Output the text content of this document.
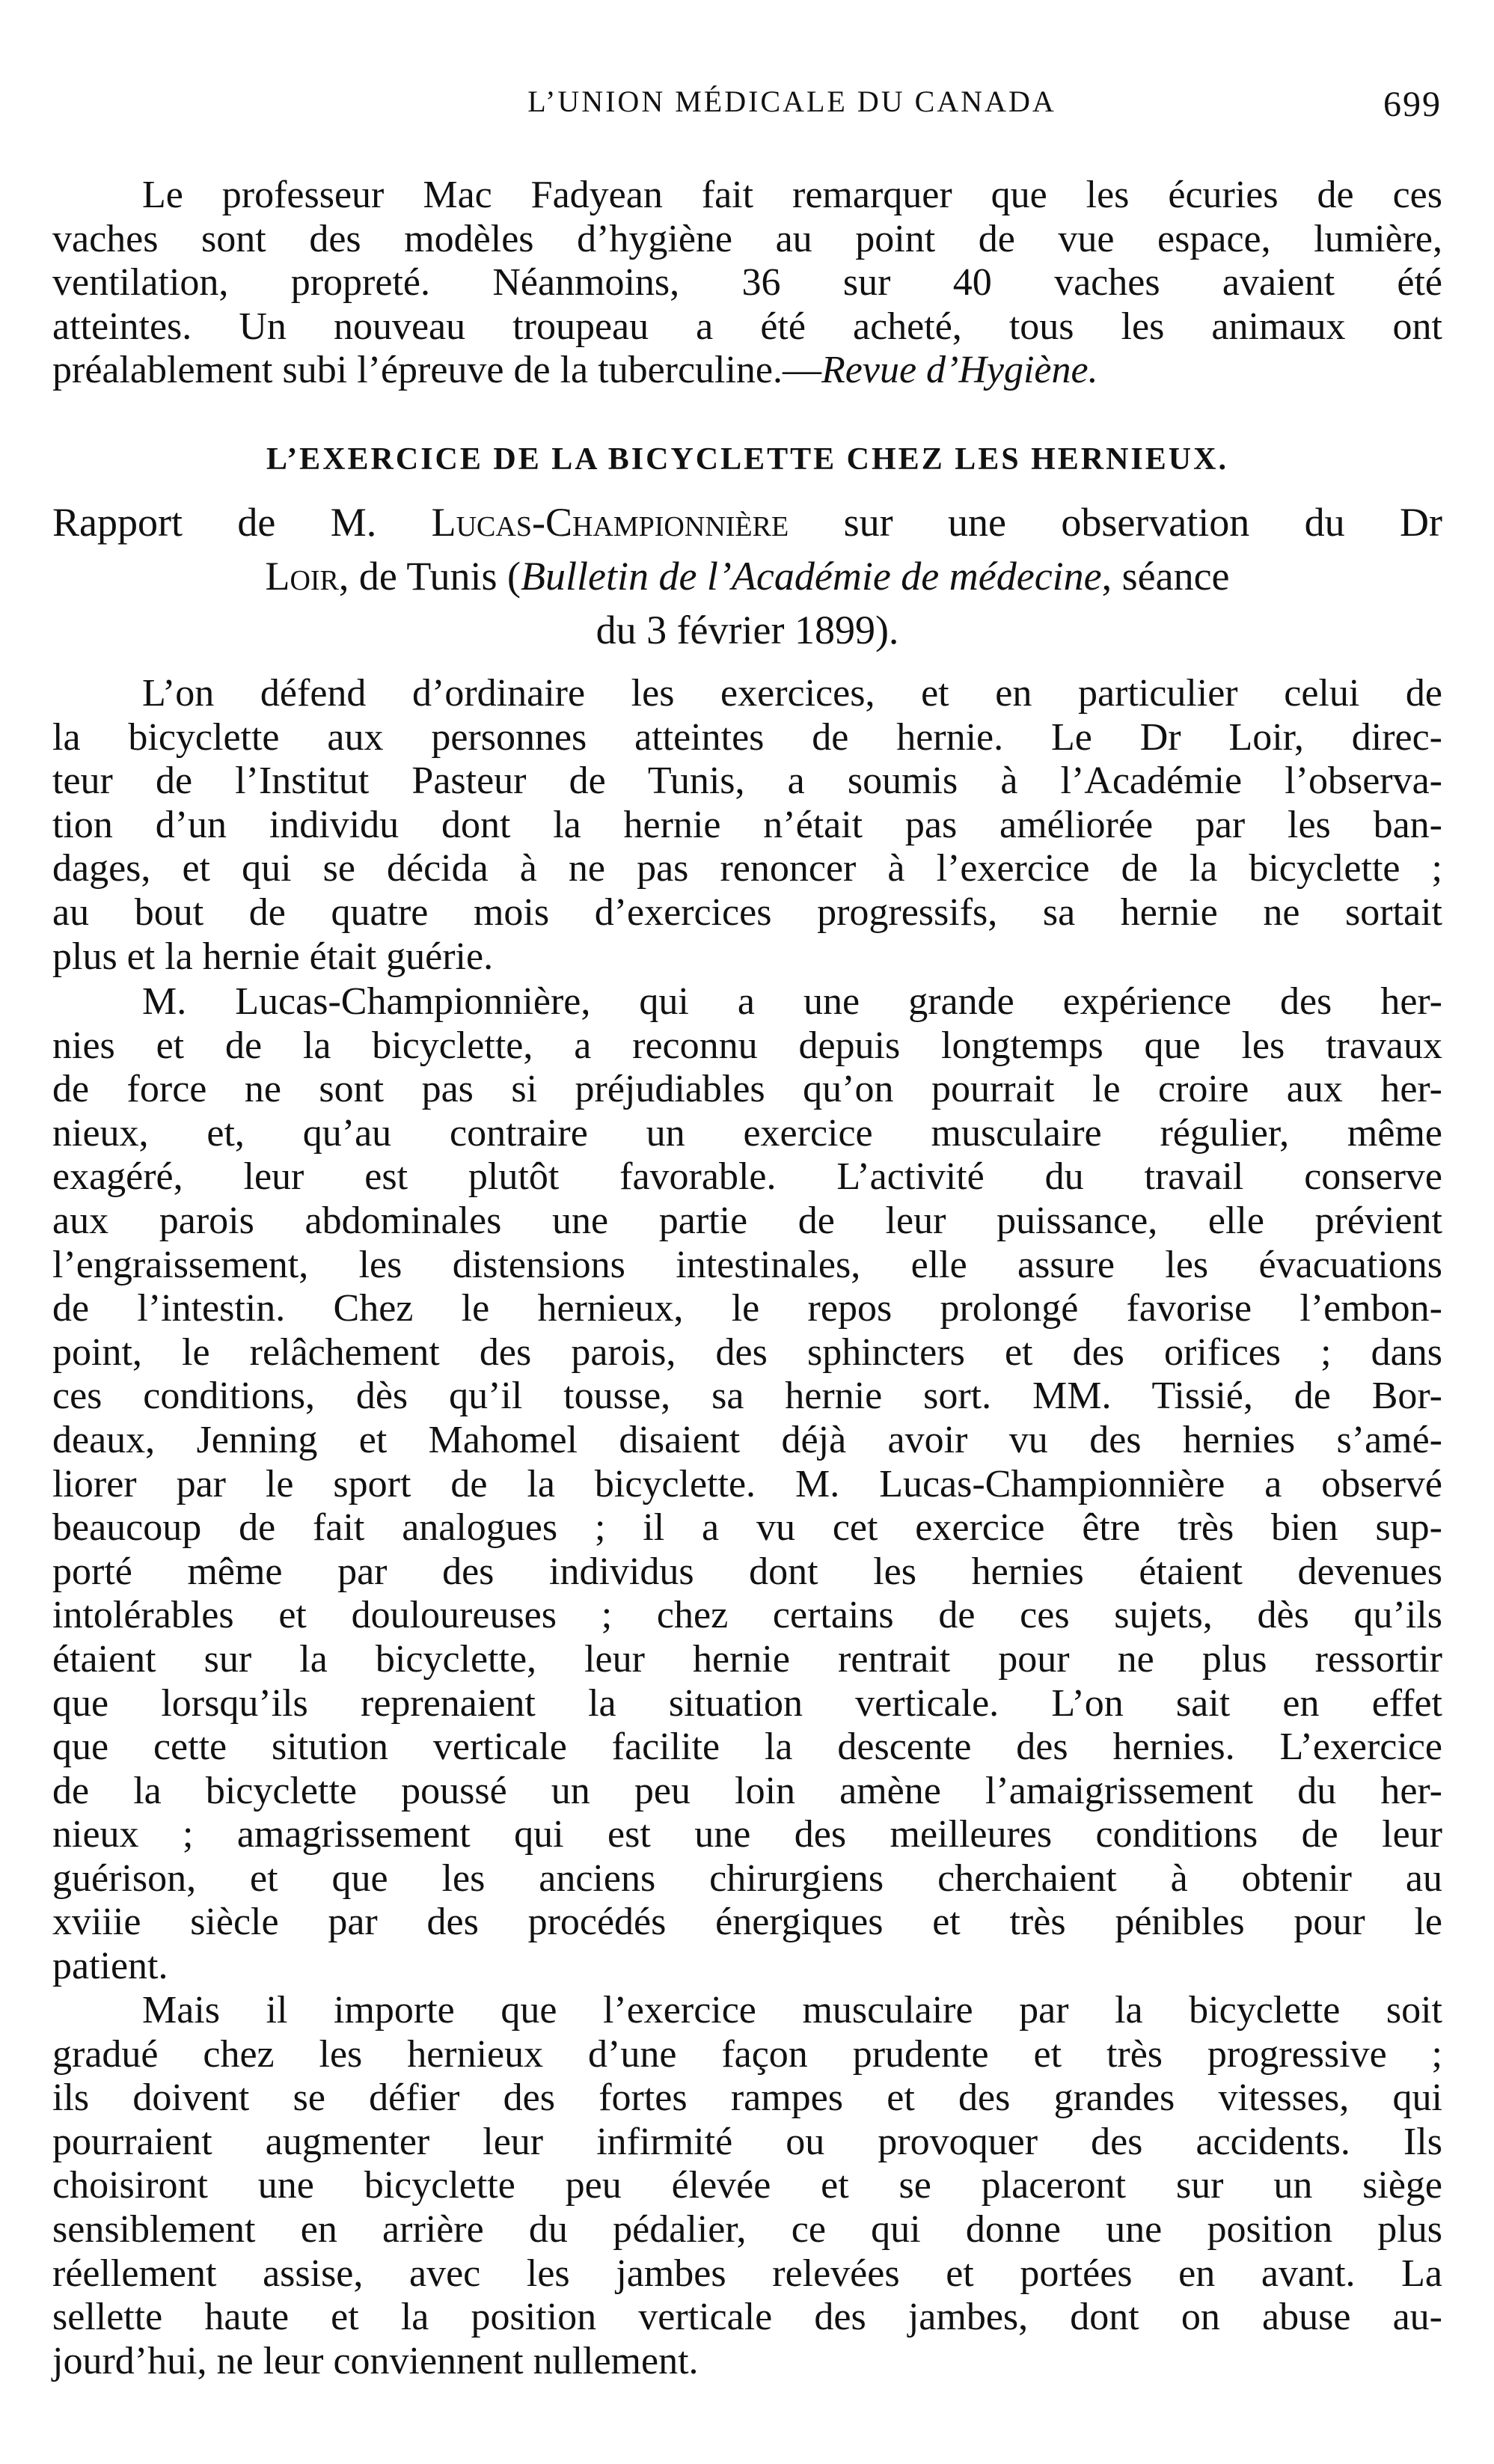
L’UNION MÉDICALE DU CANADA	699
Le professeur Mac Fadyean fait remarquer que les écuries de ces
vaches sont des modèles d’hygiène au point de vue espace, lumière,
ventilation, propreté. Néanmoins, 36 sur 40 vaches avaient été
atteintes. Un nouveau troupeau a été acheté, tous les animaux ont
préalablement subi l’épreuve de la tuberculine.—Revue d’Hygiène.
L’EXERCICE DE LA BICYCLETTE CHEZ LES HERNIEUX.
Rapport de M. Lucas-Championnière sur une observation du Dr
Loir, de Tunis (Bulletin de l’Académie de médecine, séance
du 3 février 1899).
L’on défend d’ordinaire les exercices, et en particulier celui de
la bicyclette aux personnes atteintes de hernie. Le Dr Loir, direc-
teur de l’Institut Pasteur de Tunis, a soumis à l’Académie l’observa-
tion d’un individu dont la hernie n’était pas améliorée par les ban-
dages, et qui se décida à ne pas renoncer à l’exercice de la bicyclette ;
au bout de quatre mois d’exercices progressifs, sa hernie ne sortait
plus et la hernie était guérie.
M. Lucas-Championnière, qui a une grande expérience des her-
nies et de la bicyclette, a reconnu depuis longtemps que les travaux
de force ne sont pas si préjudiables qu’on pourrait le croire aux her-
nieux, et, qu’au contraire un exercice musculaire régulier, même
exagéré, leur est plutôt favorable. L’activité du travail conserve
aux parois abdominales une partie de leur puissance, elle prévient
l’engraissement, les distensions intestinales, elle assure les évacuations
de l’intestin. Chez le hernieux, le repos prolongé favorise l’embon-
point, le relâchement des parois, des sphincters et des orifices ; dans
ces conditions, dès qu’il tousse, sa hernie sort. MM. Tissié, de Bor-
deaux, Jenning et Mahomel disaient déjà avoir vu des hernies s’amé-
liorer par le sport de la bicyclette. M. Lucas-Championnière a observé
beaucoup de fait analogues ; il a vu cet exercice être très bien sup-
porté même par des individus dont les hernies étaient devenues
intolérables et douloureuses ; chez certains de ces sujets, dès qu’ils
étaient sur la bicyclette, leur hernie rentrait pour ne plus ressortir
que lorsqu’ils reprenaient la situation verticale. L’on sait en effet
que cette sitution verticale facilite la descente des hernies. L’exercice
de la bicyclette poussé un peu loin amène l’amaigrissement du her-
nieux ; amagrissement qui est une des meilleures conditions de leur
guérison, et que les anciens chirurgiens cherchaient à obtenir au
xviiie siècle par des procédés énergiques et très pénibles pour le
patient.
Mais il importe que l’exercice musculaire par la bicyclette soit
gradué chez les hernieux d’une façon prudente et très progressive ;
ils doivent se défier des fortes rampes et des grandes vitesses, qui
pourraient augmenter leur infirmité ou provoquer des accidents. Ils
choisiront une bicyclette peu élevée et se placeront sur un siège
sensiblement en arrière du pédalier, ce qui donne une position plus
réellement assise, avec les jambes relevées et portées en avant. La
sellette haute et la position verticale des jambes, dont on abuse au-
jourd’hui, ne leur conviennent nullement.
